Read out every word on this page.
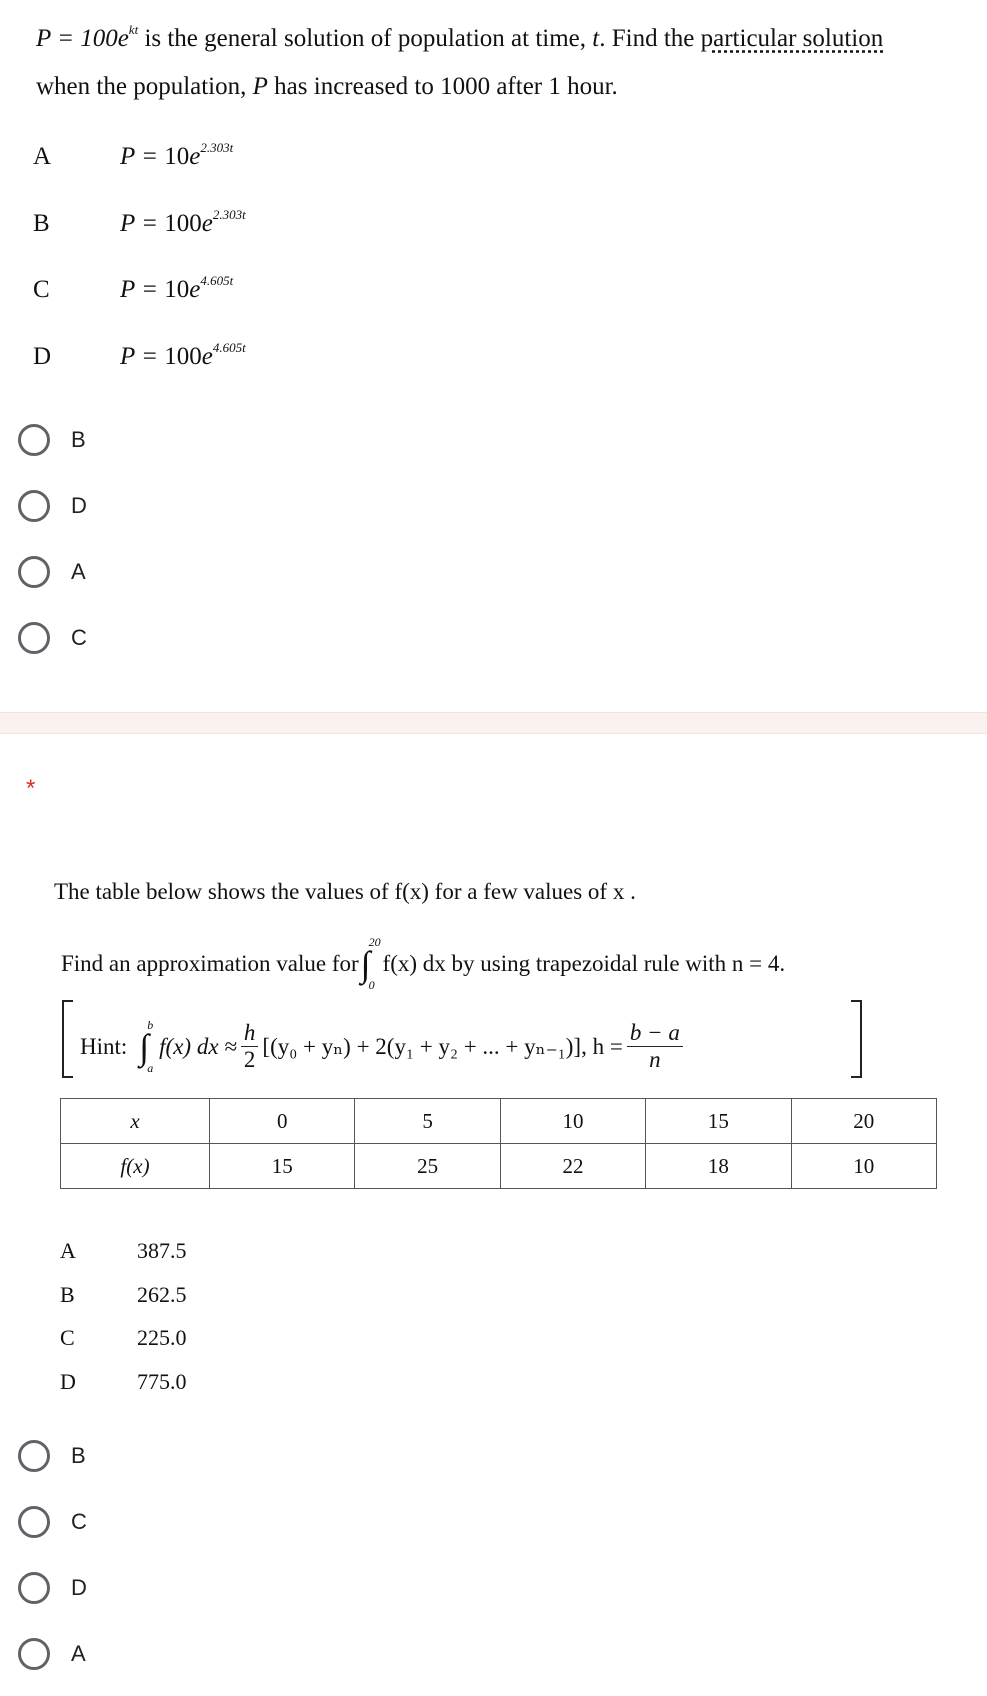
$P = 100e^{kt}$ is the general solution of population at time, t. Find the particular solution
when the population, P has increased to 1000 after 1 hour.
A	$P = 10e^{2.303t}$
B	$P = 100e^{2.303t}$
C	$P = 10e^{4.605t}$
D	$P = 100e^{4.605t}$
B
D
A
C
*
The table below shows the values of f(x) for a few values of x .
Find an approximation value for ∫
20
0
f(x) dx by using trapezoidal rule with n = 4.
Hint: ∫
b
a
f(x) dx ≈ $\frac{h}{2} [(y_0 + y_n) + 2(y_1 + y_2$ + ... + yₙ₋₁)], $h = \frac{b - a}{n}$
x	0	5	10	15	20
f(x)	15	25	22	18	10
A	387.5
B	262.5
C	225.0
D	775.0
B
C
D
A
